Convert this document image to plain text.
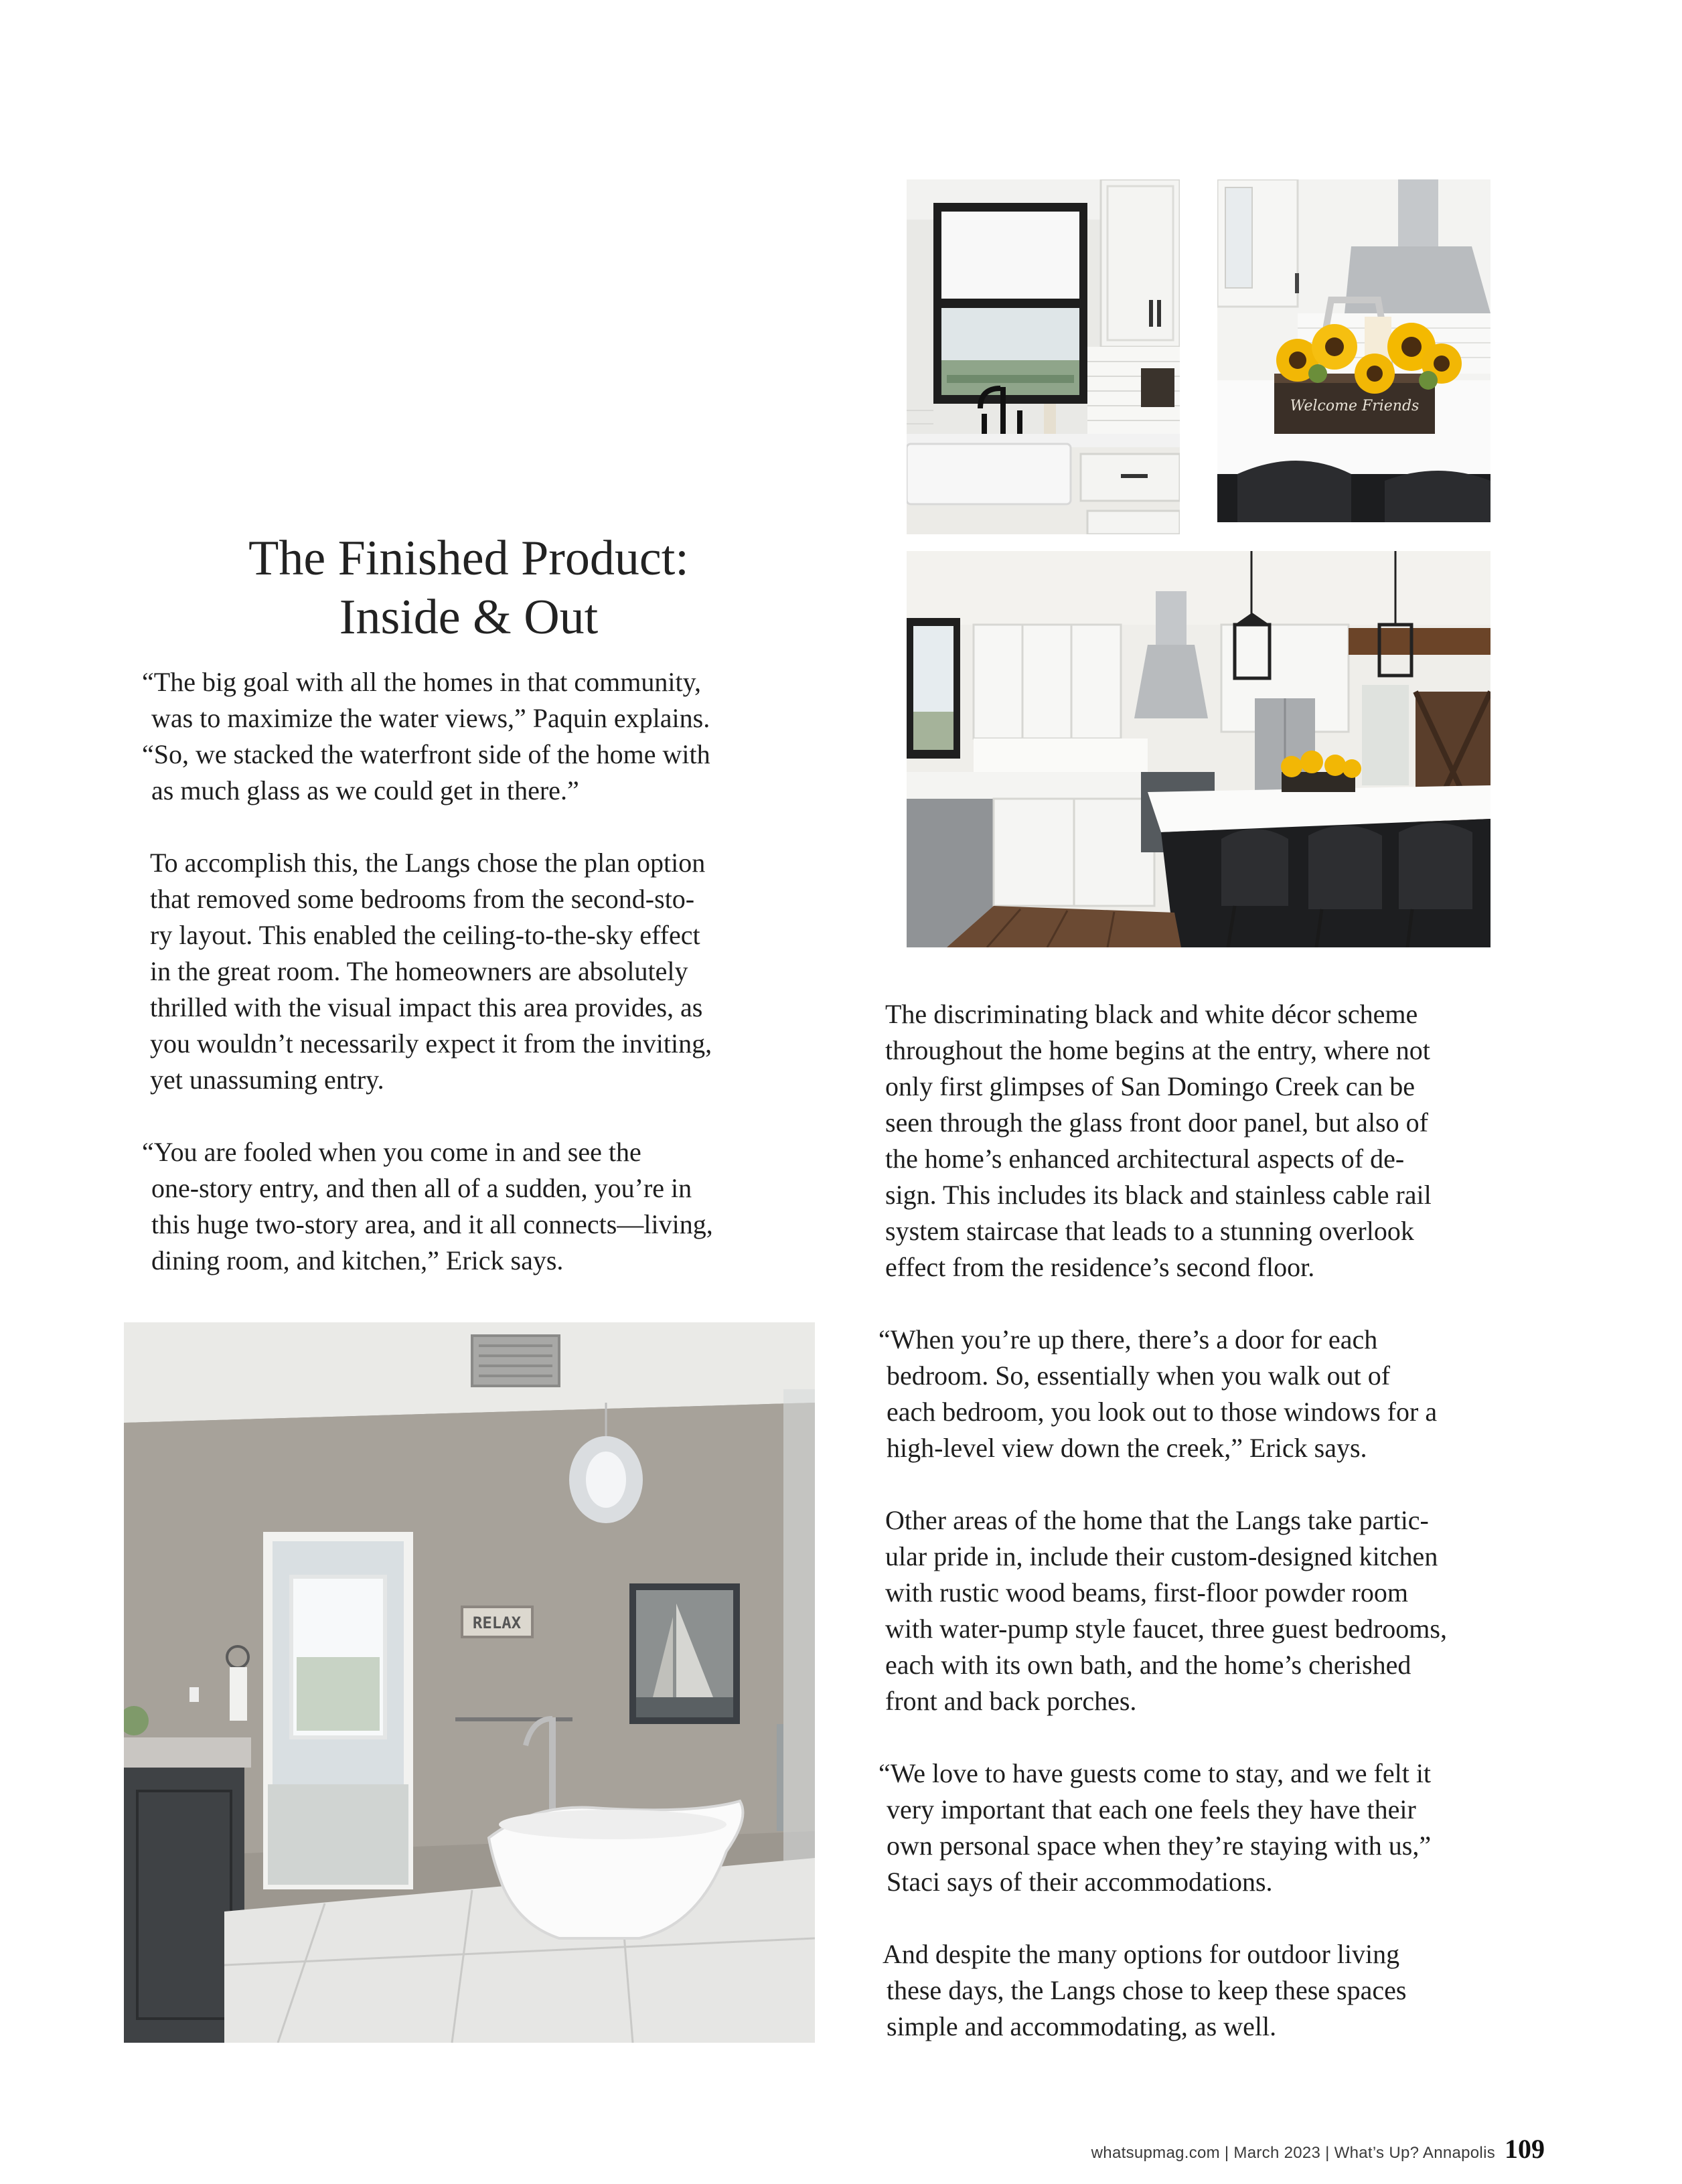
Welcome Friends
RELAX
The Finished Product:
Inside & Out
“The big goal with all the homes in that community,
was to maximize the water views,” Paquin explains.
“So, we stacked the waterfront side of the home with
as much glass as we could get in there.”
To accomplish this, the Langs chose the plan option
that removed some bedrooms from the second-sto-
ry layout. This enabled the ceiling-to-the-sky effect
in the great room. The homeowners are absolutely
thrilled with the visual impact this area provides, as
you wouldn’t necessarily expect it from the inviting,
yet unassuming entry.
“You are fooled when you come in and see the
one-story entry, and then all of a sudden, you’re in
this huge two-story area, and it all connects—living,
dining room, and kitchen,” Erick says.
The discriminating black and white décor scheme
throughout the home begins at the entry, where not
only first glimpses of San Domingo Creek can be
seen through the glass front door panel, but also of
the home’s enhanced architectural aspects of de-
sign. This includes its black and stainless cable rail
system staircase that leads to a stunning overlook
effect from the residence’s second floor.
“When you’re up there, there’s a door for each
bedroom. So, essentially when you walk out of
each bedroom, you look out to those windows for a
high-level view down the creek,” Erick says.
Other areas of the home that the Langs take partic-
ular pride in, include their custom-designed kitchen
with rustic wood beams, first-floor powder room
with water-pump style faucet, three guest bedrooms,
each with its own bath, and the home’s cherished
front and back porches.
“We love to have guests come to stay, and we felt it
very important that each one feels they have their
own personal space when they’re staying with us,”
Staci says of their accommodations.
And despite the many options for outdoor living
these days, the Langs chose to keep these spaces
simple and accommodating, as well.
whatsupmag.com | March 2023 | What’s Up? Annapolis 109
